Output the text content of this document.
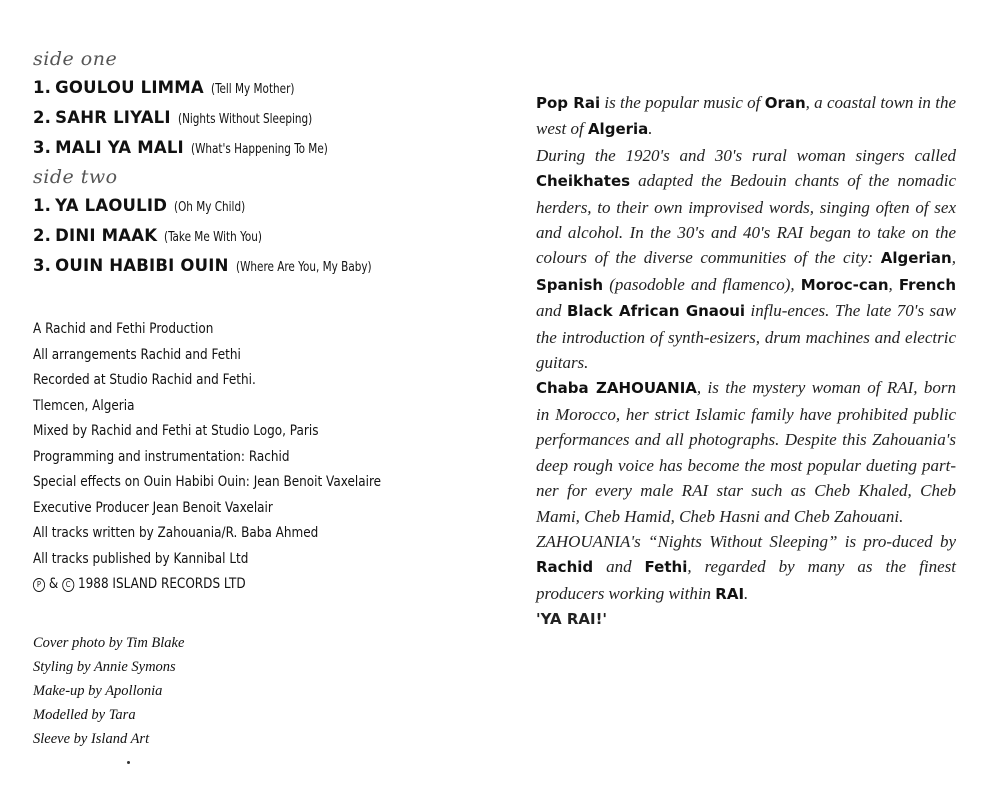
side one
1. GOULOU LIMMA (Tell My Mother)
2. SAHR LIYALI (Nights Without Sleeping)
3. MALI YA MALI (What's Happening To Me)
side two
1. YA LAOULID (Oh My Child)
2. DINI MAAK (Take Me With You)
3. OUIN HABIBI OUIN (Where Are You, My Baby)
A Rachid and Fethi Production
All arrangements Rachid and Fethi
Recorded at Studio Rachid and Fethi.
Tlemcen, Algeria
Mixed by Rachid and Fethi at Studio Logo, Paris
Programming and instrumentation: Rachid
Special effects on Ouin Habibi Ouin: Jean Benoit Vaxelaire
Executive Producer Jean Benoit Vaxelair
All tracks written by Zahouania/R. Baba Ahmed
All tracks published by Kannibal Ltd
P & C 1988 ISLAND RECORDS LTD
Cover photo by Tim Blake
Styling by Annie Symons
Make-up by Apollonia
Modelled by Tara
Sleeve by Island Art

Pop Rai is the popular music of Oran, a coastal town in the west of Algeria.

During the 1920's and 30's rural woman singers called Cheikhates adapted the Bedouin chants of the nomadic herders, to their own improvised words, singing often of sex and alcohol. In the 30's and 40's RAI began to take on the colours of the diverse communities of the city: Algerian, Spanish (pasodoble and flamenco), Moroc-can, French and Black African Gnaoui influ-ences. The late 70's saw the introduction of synth-esizers, drum machines and electric guitars.

Chaba ZAHOUANIA, is the mystery woman of RAI, born in Morocco, her strict Islamic family have prohibited public performances and all photographs. Despite this Zahouania's deep rough voice has become the most popular dueting part-ner for every male RAI star such as Cheb Khaled, Cheb Mami, Cheb Hamid, Cheb Hasni and Cheb Zahouani.

ZAHOUANIA's “Nights Without Sleeping” is pro-duced by Rachid and Fethi, regarded by many as the finest producers working within RAI.

'YA RAI!'
